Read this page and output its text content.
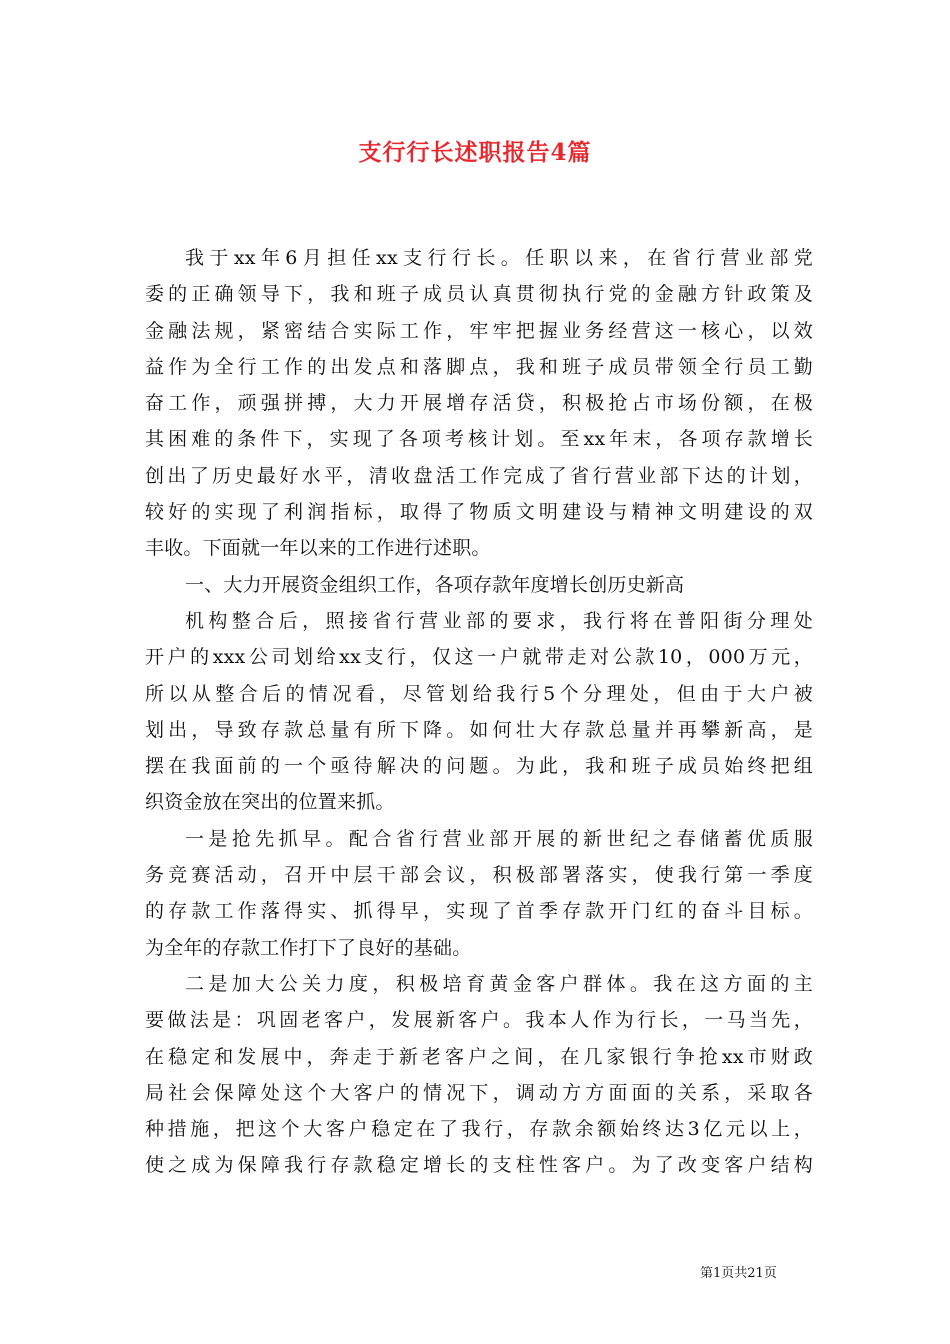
支行行长述职报告4篇
我于xx年6月担任xx支行行长。任职以来，在省行营业部党
委的正确领导下，我和班子成员认真贯彻执行党的金融方针政策及
金融法规，紧密结合实际工作，牢牢把握业务经营这一核心，以效
益作为全行工作的出发点和落脚点，我和班子成员带领全行员工勤
奋工作，顽强拼搏，大力开展增存活贷，积极抢占市场份额，在极
其困难的条件下，实现了各项考核计划。至xx年末，各项存款增长
创出了历史最好水平，清收盘活工作完成了省行营业部下达的计划，
较好的实现了利润指标，取得了物质文明建设与精神文明建设的双
丰收。下面就一年以来的工作进行述职。
一、大力开展资金组织工作，各项存款年度增长创历史新高
机构整合后，照接省行营业部的要求，我行将在普阳街分理处
开户的xxx公司划给xx支行，仅这一户就带走对公款10，000万元，
所以从整合后的情况看，尽管划给我行5个分理处，但由于大户被
划出，导致存款总量有所下降。如何壮大存款总量并再攀新高，是
摆在我面前的一个亟待解决的问题。为此，我和班子成员始终把组
织资金放在突出的位置来抓。
一是抢先抓早。配合省行营业部开展的新世纪之春储蓄优质服
务竞赛活动，召开中层干部会议，积极部署落实，使我行第一季度
的存款工作落得实、抓得早，实现了首季存款开门红的奋斗目标。
为全年的存款工作打下了良好的基础。
二是加大公关力度，积极培育黄金客户群体。我在这方面的主
要做法是：巩固老客户，发展新客户。我本人作为行长，一马当先，
在稳定和发展中，奔走于新老客户之间，在几家银行争抢xx市财政
局社会保障处这个大客户的情况下，调动方方面面的关系，采取各
种措施，把这个大客户稳定在了我行，存款余额始终达3亿元以上，
使之成为保障我行存款稳定增长的支柱性客户。为了改变客户结构
第1页共21页
